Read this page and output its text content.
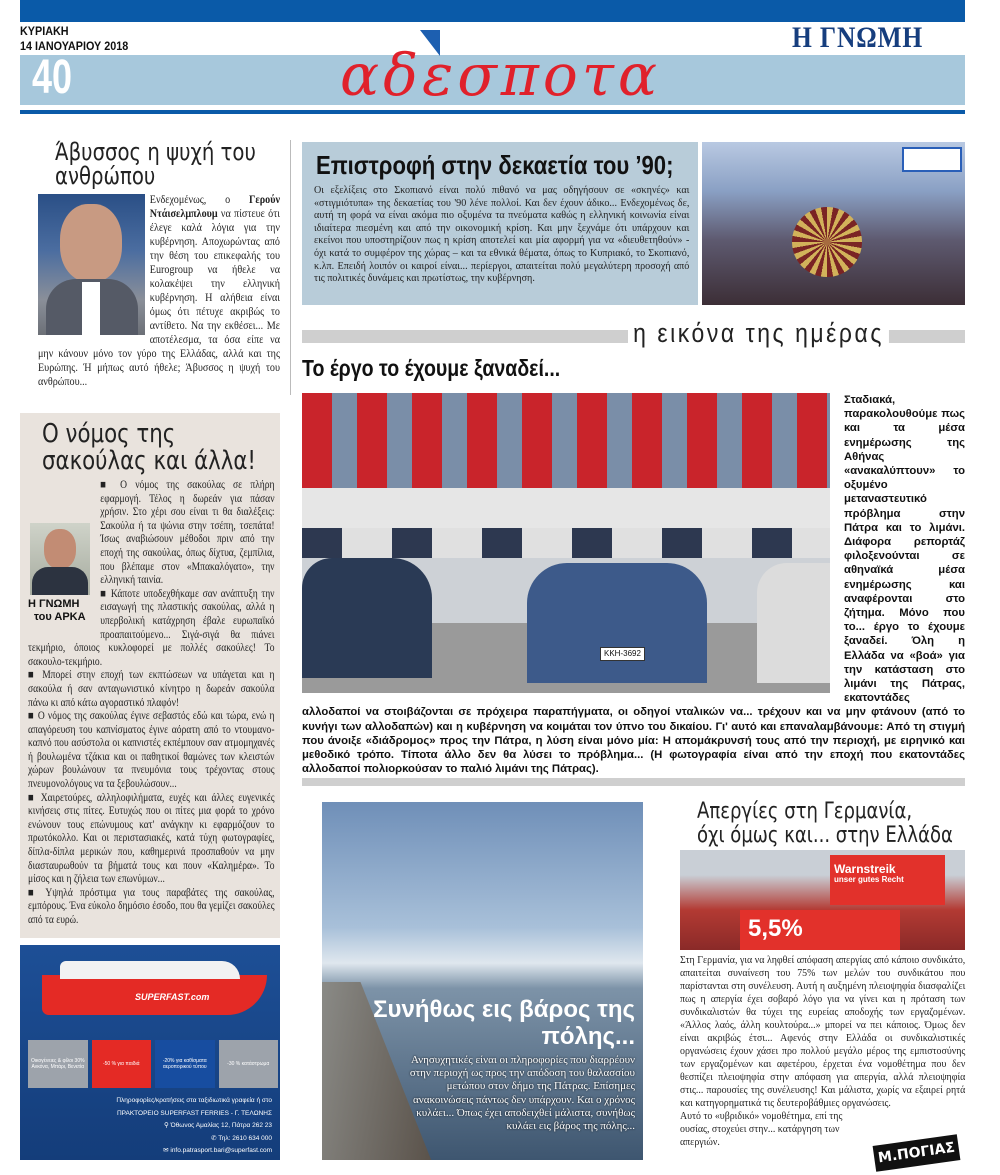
ΚΥΡΙΑΚΗ
14 ΙΑΝΟΥΑΡΙΟΥ 2018	Η ΓΝΩΜΗ
40	αδεσποτα
Άβυσσος η ψυχή του ανθρώπου
Ενδεχομένως, ο Γερούν Ντάισελμπλουμ να πίστευε ότι έλεγε καλά λόγια για την κυβέρνηση. Αποχωρώντας από την θέση του επικεφαλής του Eurogroup να ήθελε να κολακέψει την ελληνική κυβέρνηση. Η αλήθεια είναι όμως ότι πέτυχε ακριβώς το αντίθετο. Να την εκθέσει... Με αποτέλεσμα, τα όσα είπε να μην κάνουν μόνο τον γύρο της Ελλάδας, αλλά και της Ευρώπης. Ή μήπως αυτό ήθελε; Άβυσσος η ψυχή του ανθρώπου...
Ο νόμος της σακούλας και άλλα!
Η ΓΝΩΜΗ
του ΑΡΚΑ

■ Ο νόμος της σακούλας σε πλήρη εφαρμογή. Τέλος η δωρεάν για πάσαν χρήσιν. Στο χέρι σου είναι τι θα διαλέξεις: Σακούλα ή τα ψώνια στην τσέπη, τσεπάτα! Ίσως αναβιώσουν μέθοδοι πριν από την εποχή της σακούλας, όπως δίχτυα, ζεμπίλια, που βλέπαμε στον «Μπακαλόγατο», την ελληνική ταινία.

■ Κάποτε υποδεχθήκαμε σαν ανάπτυξη την εισαγωγή της πλαστικής σακούλας, αλλά η υπερβολική κατάχρηση έβαλε ευρωπαϊκό προαπαιτούμενο... Σιγά-σιγά θα πιάνει τεκμήριο, όποιος κυκλοφορεί με πολλές σακούλες! Το σακουλο-τεκμήριο.

■ Μπορεί στην εποχή των εκπτώσεων να υπάγεται και η σακούλα ή σαν ανταγωνιστικό κίνητρο η δωρεάν σακούλα πάνω κι από κάτω αγοραστικό πλαφόν!

■ Ο νόμος της σακούλας έγινε σεβαστός εδώ και τώρα, ενώ η απαγόρευση του καπνίσματος έγινε αόρατη από το ντουμανο-καπνό που ασύστολα οι καπνιστές εκπέμπουν σαν ατμομηχανές ή βουλωμένα τζάκια και οι παθητικοί θαμώνες των κλειστών χώρων βουλώνουν τα πνευμόνια τους τρέχοντας στους πνευμονολόγους να τα ξεβουλώσουν...

■ Χαιρετούρες, αλληλοφιλήματα, ευχές και άλλες ευγενικές κινήσεις στις πίτες. Ευτυχώς που οι πίτες μια φορά το χρόνο ενώνουν τους επώνυμους κατ' ανάγκην κι εφαρμόζουν το πρωτόκολλο. Και οι περιστασιακές, κατά τύχη φωτογραφίες, δίπλα-δίπλα μερικών που, καθημερινά προσπαθούν να μην διασταυρωθούν τα βήματά τους και πουν «Καλημέρα». Το μίσος και η ζήλεια των επωνύμων...

■ Υψηλά πρόστιμα για τους παραβάτες της σακούλας, εμπόρους. Ένα εύκολο δημόσιο έσοδο, που θα γεμίζει σακούλες από τα ευρώ.

SUPERFAST.com
Οικογένειες & φίλοι 30% Ανκόνα, Μπάρι, Βενετία	-50 % για παιδιά	-20% για καθίσματα αεροπορικού τύπου	-30 % κατάστρωμα
Πληροφορίες/κρατήσεις στα ταξιδιωτικά γραφεία ή στο
ΠΡΑΚΤΟΡΕΙΟ SUPERFAST FERRIES - Γ. ΤΕΛΩΝΗΣ
⚲ Όθωνος Αμαλίας 12, Πάτρα 262 23
✆ Τηλ: 2610 634 000
✉ info.patrasport.bari@superfast.com
Επιστροφή στην δεκαετία του ’90;
Οι εξελίξεις στο Σκοπιανό είναι πολύ πιθανό να μας οδηγήσουν σε «σκηνές» και «στιγμιότυπα» της δεκαετίας του '90 λένε πολλοί. Και δεν έχουν άδικο... Ενδεχομένως δε, αυτή τη φορά να είναι ακόμα πιο οξυμένα τα πνεύματα καθώς η ελληνική κοινωνία είναι ιδιαίτερα πιεσμένη και από την οικονομική κρίση. Και μην ξεχνάμε ότι υπάρχουν και εκείνοι που υποστηρίζουν πως η κρίση αποτελεί και μία αφορμή για να «διευθετηθούν» - όχι κατά το συμφέρον της χώρας – και τα εθνικά θέματα, όπως το Κυπριακό, το Σκοπιανό, κ.λπ. Επειδή λοιπόν οι καιροί είναι... περίεργοι, απαιτείται πολύ μεγαλύτερη προσοχή από τις πολιτικές δυνάμεις και πρωτίστως, την κυβέρνηση.
η εικόνα της ημέρας
Το έργο το έχουμε ξαναδεί...
ΚΚΗ-3692
Σταδιακά, παρακολουθούμε πως και τα μέσα ενημέρωσης της Αθήνας «ανακαλύπτουν» το οξυμένο μεταναστευτικό πρόβλημα στην Πάτρα και το λιμάνι. Διάφορα ρεπορτάζ φιλοξενούνται σε αθηναϊκά μέσα ενημέρωσης και αναφέρονται στο ζήτημα. Μόνο που το... έργο το έχουμε ξαναδεί. Όλη η Ελλάδα να «βοά» για την κατάσταση στο λιμάνι της Πάτρας, εκατοντάδες αλλοδαποί να στοιβάζονται σε πρόχειρα παραπήγματα, οι οδηγοί νταλικών να... τρέχουν και να μην φτάνουν (από το κυνήγι των αλλοδαπών) και η κυβέρνηση να κοιμάται τον ύπνο του δικαίου. Γι' αυτό και επαναλαμβάνουμε: Από τη στιγμή που άνοιξε «διάδρομος» προς την Πάτρα, η λύση είναι μόνο μία: Η απομάκρυνσή τους από την περιοχή, με ειρηνικό και μεθοδικό τρόπο. Τίποτα άλλο δεν θα λύσει το πρόβλημα... (Η φωτογραφία είναι από την εποχή που εκατοντάδες αλλοδαποί πολιορκούσαν το παλιό λιμάνι της Πάτρας).
Συνήθως εις βάρος της πόλης...
Ανησυχητικές είναι οι πληροφορίες που διαρρέουν στην περιοχή ως προς την απόδοση του θαλασσίου μετώπου στον δήμο της Πάτρας. Επίσημες ανακοινώσεις πάντως δεν υπάρχουν. Και ο χρόνος κυλάει... Όπως έχει αποδειχθεί μάλιστα, συνήθως κυλάει εις βάρος της πόλης...
Απεργίες στη Γερμανία,
όχι όμως και... στην Ελλάδα
Warnstreik
unser gutes Recht
5,5%
Στη Γερμανία, για να ληφθεί απόφαση απεργίας από κάποιο συνδικάτο, απαιτείται συναίνεση του 75% των μελών του συνδικάτου που παρίστανται στη συνέλευση. Αυτή η αυξημένη πλειοψηφία διασφαλίζει πως η απεργία έχει σοβαρό λόγο για να γίνει και η πρόταση των συνδικαλιστών θα τύχει της ευρείας αποδοχής των εργαζομένων. «Άλλος λαός, άλλη κουλτούρα...» μπορεί να πει κάποιος. Όμως δεν είναι ακριβώς έτσι... Αφενός στην Ελλάδα οι συνδικαλιστικές οργανώσεις έχουν χάσει προ πολλού μεγάλο μέρος της εμπιστοσύνης των εργαζομένων και αφετέρου, έρχεται ένα νομοθέτημα που δεν θεσπίζει πλειοψηφία στην απόφαση για απεργία, αλλά πλειοψηφία στις... παρουσίες της συνέλευσης! Και μάλιστα, χωρίς να εξαιρεί ρητά και κατηγορηματικά τις δευτεροβάθμιες οργανώσεις.
Αυτό το «υβριδικό» νομοθέτημα, επί της ουσίας, στοχεύει στην... κατάργηση των απεργιών.	Μ.ΠΟΓΙΑΣ
